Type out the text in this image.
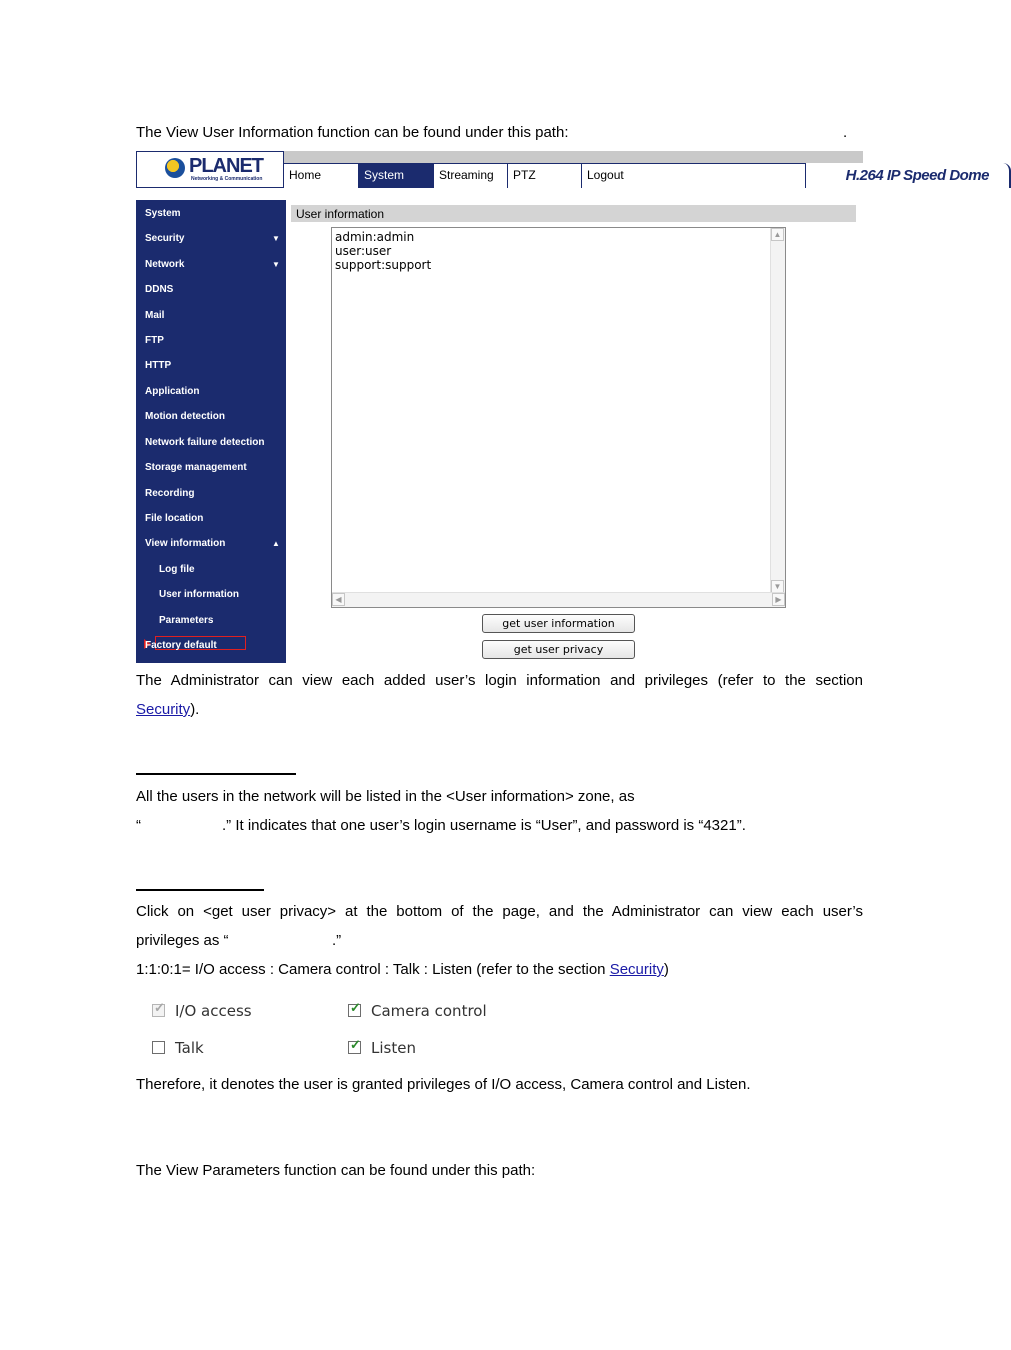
The View User Information function can be found under this path:	.
PLANET
Networking & Communication	Home	System	Streaming	PTZ	Logout	H.264 IP Speed Dome
System
Security	▼
Network	▼
DDNS
Mail
FTP
HTTP
Application
Motion detection
Network failure detection
Storage management
Recording
File location
View information	▲
Log file
User information
Parameters
Factory default
User information
admin:admin
user:user
support:support
▲
▼
◀	▶
get user information
get user privacy
The Administrator can view each added user’s login information and privileges (refer to the section
Security).
All the users in the network will be listed in the <User information> zone, as
“	.” It indicates that one user’s login username is “User”, and password is “4321”.
Click on <get user privacy> at the bottom of the page, and the Administrator can view each user’s
privileges as “	.”
1:1:0:1= I/O access : Camera control : Talk : Listen (refer to the section Security)
✓ I/O access	✓ Camera control
Talk	✓ Listen
Therefore, it denotes the user is granted privileges of I/O access, Camera control and Listen.
The View Parameters function can be found under this path:
